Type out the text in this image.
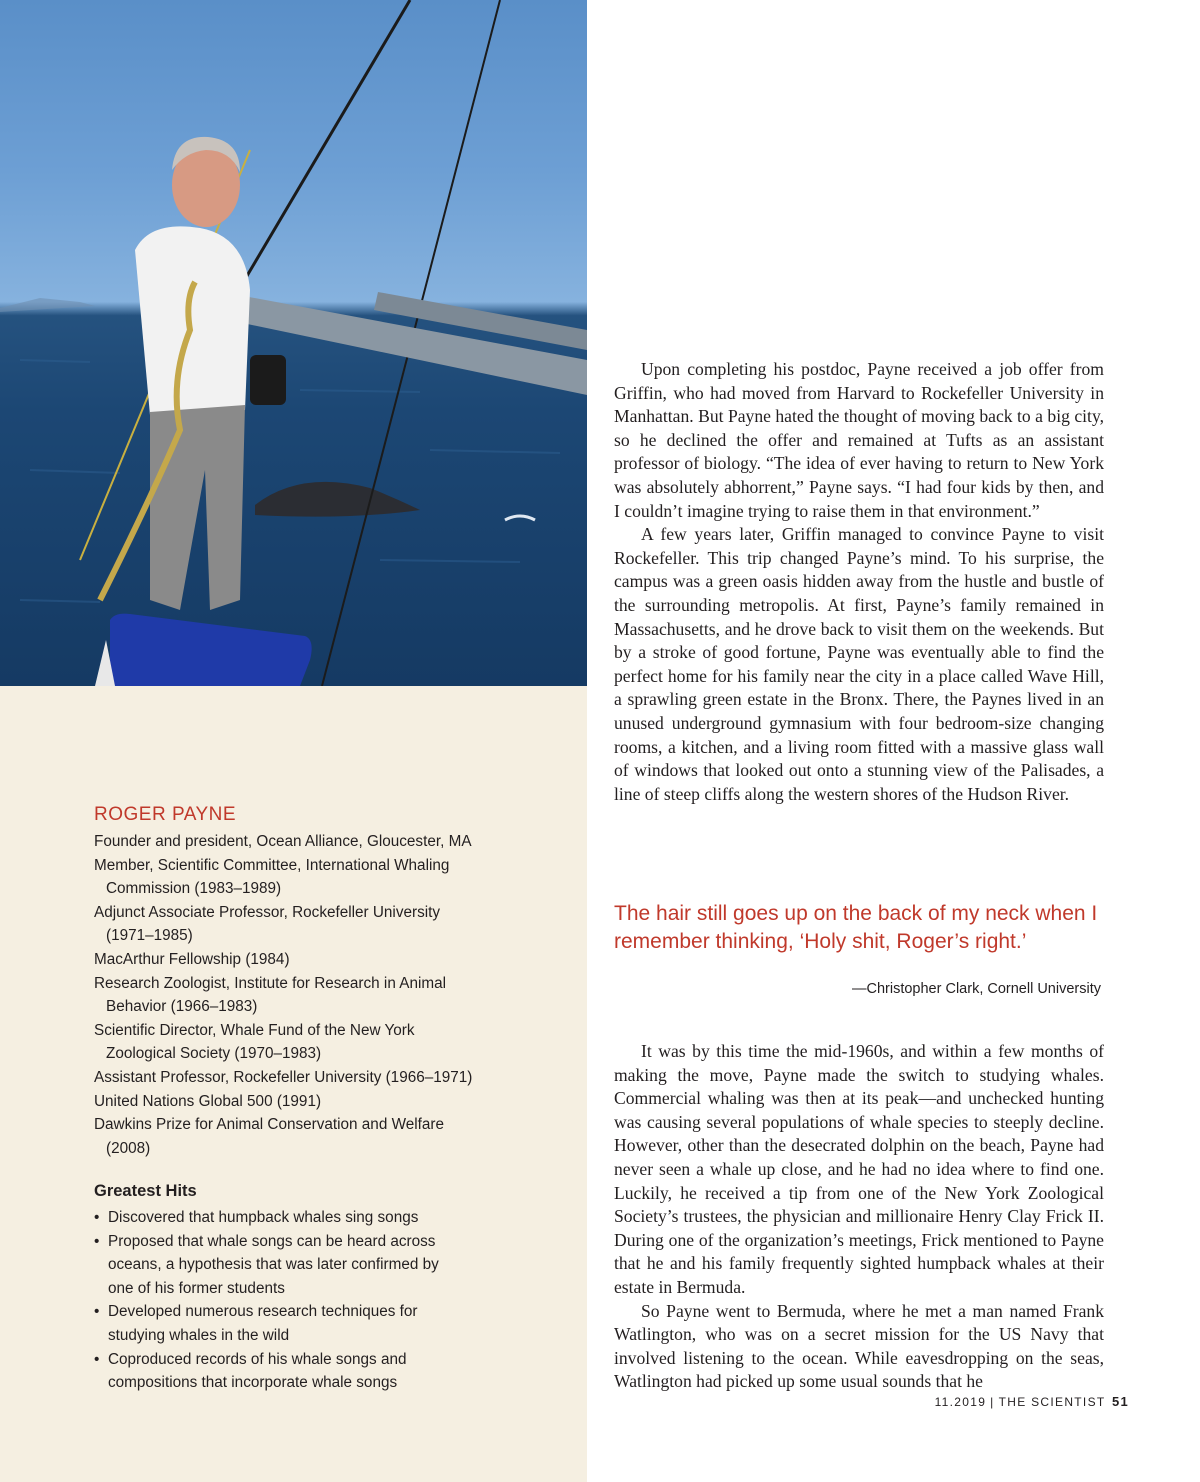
ROGER PAYNE
Founder and president, Ocean Alliance, Gloucester, MA
Member, Scientific Committee, International Whaling Commission (1983–1989)
Adjunct Associate Professor, Rockefeller University (1971–1985)
MacArthur Fellowship (1984)
Research Zoologist, Institute for Research in Animal Behavior (1966–1983)
Scientific Director, Whale Fund of the New York Zoological Society (1970–1983)
Assistant Professor, Rockefeller University (1966–1971)
United Nations Global 500 (1991)
Dawkins Prize for Animal Conservation and Welfare (2008)
Greatest Hits
• Discovered that humpback whales sing songs
• Proposed that whale songs can be heard across oceans, a hypothesis that was later confirmed by one of his former students
• Developed numerous research techniques for studying whales in the wild
• Coproduced records of his whale songs and compositions that incorporate whale songs

Upon completing his postdoc, Payne received a job offer from Griffin, who had moved from Harvard to Rockefeller University in Manhattan. But Payne hated the thought of moving back to a big city, so he declined the offer and remained at Tufts as an assistant professor of biology. “The idea of ever having to return to New York was absolutely abhorrent,” Payne says. “I had four kids by then, and I couldn’t imagine trying to raise them in that environment.”

A few years later, Griffin managed to convince Payne to visit Rockefeller. This trip changed Payne’s mind. To his surprise, the campus was a green oasis hidden away from the hustle and bustle of the surrounding metropolis. At first, Payne’s family remained in Massachusetts, and he drove back to visit them on the weekends. But by a stroke of good fortune, Payne was eventually able to find the perfect home for his family near the city in a place called Wave Hill, a sprawling green estate in the Bronx. There, the Paynes lived in an unused underground gymnasium with four bedroom-size changing rooms, a kitchen, and a living room fitted with a massive glass wall of windows that looked out onto a stunning view of the Palisades, a line of steep cliffs along the western shores of the Hudson River.

The hair still goes up on the back of my neck when I remember thinking, ‘Holy shit, Roger’s right.’

—Christopher Clark, Cornell University

It was by this time the mid-1960s, and within a few months of making the move, Payne made the switch to studying whales. Commercial whaling was then at its peak—and unchecked hunting was causing several populations of whale species to steeply decline. However, other than the desecrated dolphin on the beach, Payne had never seen a whale up close, and he had no idea where to find one. Luckily, he received a tip from one of the New York Zoological Society’s trustees, the physician and millionaire Henry Clay Frick II. During one of the organization’s meetings, Frick mentioned to Payne that he and his family frequently sighted humpback whales at their estate in Bermuda.

So Payne went to Bermuda, where he met a man named Frank Watlington, who was on a secret mission for the US Navy that involved listening to the ocean. While eavesdropping on the seas, Watlington had picked up some usual sounds that he

11.2019 | THE SCIENTIST 51
